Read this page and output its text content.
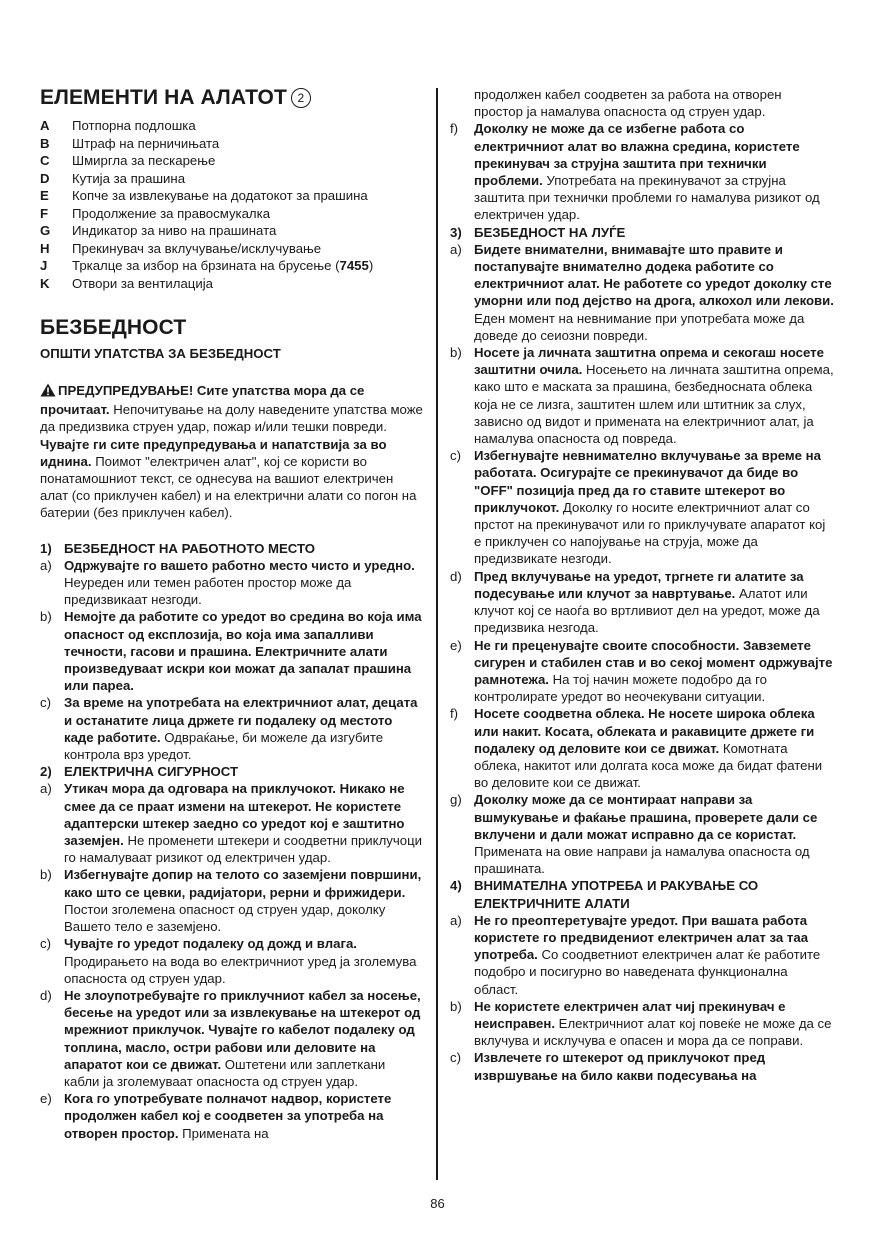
ЕЛЕМЕНТИ НА АЛАТОТ 2
A	Потпорна подлошка
B	Штраф на перничињата
C	Шмиргла за пескарење
D	Кутија за прашина
E	Копче за извлекување на додатокот за прашина
F	Продолжение за правосмукалка
G	Индикатор за ниво на прашината
H	Прекинувач за вклучување/исклучување
J	Тркалце за избор на брзината на брусење (7455)
K	Отвори за вентилација
БЕЗБЕДНОСТ
ОПШТИ УПАТСТВА ЗА БЕЗБЕДНОСТ

ПРЕДУПРЕДУВАЊЕ! Сите упатства мора да се прочитаат. Непочитување на долу наведените упатства може да предизвика струен удар, пожар и/или тешки повреди. Чувајте ги сите предупредувања и напатствија за во иднина. Поимот "електричен алат", кој се користи во понатамошниот текст, се однесува на вашиот електричен алат (со приклучен кабел) и на електрични алати со погон на батерии (без приклучен кабел).

1) БЕЗБЕДНОСТ НА РАБОТНОТО МЕСТО
a) Одржувајте го вашето работно место чисто и уредно. Неуреден или темен работен простор може да предизвикаат незгоди.
b) Немојте да работите со уредот во средина во која има опасност од експлозија, во која има запалливи течности, гасови и прашина. Електричните алати произведуваат искри кои можат да запалат прашина или пареа.
c) За време на употребата на електричниот алат, децата и останатите лица држете ги подалеку од местото каде работите. Одвраќање, би можеле да изгубите контрола врз уредот.
2) ЕЛЕКТРИЧНА СИГУРНОСТ
a) Утикач мора да одговара на приклучокот. Никако не смее да се праат измени на штекерот. Не користете адаптерски штекер заедно со уредот кој е заштитно заземјен. Не променети штекери и соодветни приклучоци го намалуваат ризикот од електричен удар.
b) Избегнувајте допир на телото со заземјени површини, како што се цевки, радијатори, рерни и фрижидери. Постои зголемена опасност од струен удар, доколку Вашето тело е заземјено.
c) Чувајте го уредот подалеку од дожд и влага. Продирањето на вода во електричниот уред ја зголемува опасноста од струен удар.
d) Не злоупотребувајте го приклучниот кабел за носење, бесење на уредот или за извлекување на штекерот од мрежниот приклучок. Чувајте го кабелот подалеку од топлина, масло, остри рабови или деловите на апаратот кои се движат. Оштетени или заплеткани кабли ја зголемуваат опасноста од струен удар.
e) Кога го употребувате полначот надвор, користете продолжен кабел кој е соодветен за употреба на отворен простор. Примената на
продолжен кабел соодветен за работа на отворен простор ја намалува опасноста од струен удар.
f)	Доколку не може да се избегне работа со електричниот алат во влажна средина, користете прекинувач за струјна заштита при технички проблеми. Употребата на прекинувачот за струјна заштита при технички проблеми го намалува ризикот од електричен удар.
3) БЕЗБЕДНОСТ НА ЛУЃЕ
a) Бидете внимателни, внимавајте што правите и постапувајте внимателно додека работите со електричниот алат. Не работете со уредот доколку сте уморни или под дејство на дрога, алкохол или лекови. Еден момент на невнимание при употребата може да доведе до сеиозни повреди.
b) Носете ја личната заштитна опрема и секогаш носете заштитни очила. Носењето на личната заштитна опрема, како што е маската за прашина, безбедносната облека која не се лизга, заштитен шлем или штитник за слух, зависно од видот и примената на електричниот алат, ја намалува опасноста од повреда.
c) Избегнувајте невнимателно вклучување за време на работата. Осигурајте се прекинувачот да биде во "OFF" позиција пред да го ставите штекерот во приклучокот. Доколку го носите електричниот алат со прстот на прекинувачот или го приклучувате апаратот кој е приклучен со напојување на струја, може да предизвикате незгоди.
d) Пред вклучување на уредот, тргнете ги алатите за подесување или клучот за навртување. Алатот или клучот кој се наоѓа во вртливиот дел на уредот, може да предизвика незгода.
e) Не ги преценувајте своите способности. Завземете сигурен и стабилен став и во секој момент одржувајте рамнотежа. На тој начин можете подобро да го контролирате уредот во неочекувани ситуации.
f)	Носете соодветна облека. Не носете широка облека или накит. Косата, облеката и ракавиците држете ги подалеку од деловите кои се движат. Комотната облека, накитот или долгата коса може да бидат фатени во деловите кои се движат.
g) Доколку може да се монтираат направи за вшмукување и фаќање прашина, проверете дали се вклучени и дали можат исправно да се користат. Примената на овие направи ја намалува опасноста од прашината.
4) ВНИМАТЕЛНА УПОТРЕБА И РАКУВАЊЕ СО ЕЛЕКТРИЧНИТЕ АЛАТИ
a) Не го преоптеретувајте уредот. При вашата работа користете го предвидениот електричен алат за таа употреба. Со соодветниот електричен алат ќе работите подобро и посигурно во наведената функционална област.
b) Не користете електричен алат чиј прекинувач е неисправен. Електричниот алат кој повеќе не може да се вклучува и исклучува е опасен и мора да се поправи.
c) Извлечете го штекерот од приклучокот пред извршување на било какви подесувања на
86
